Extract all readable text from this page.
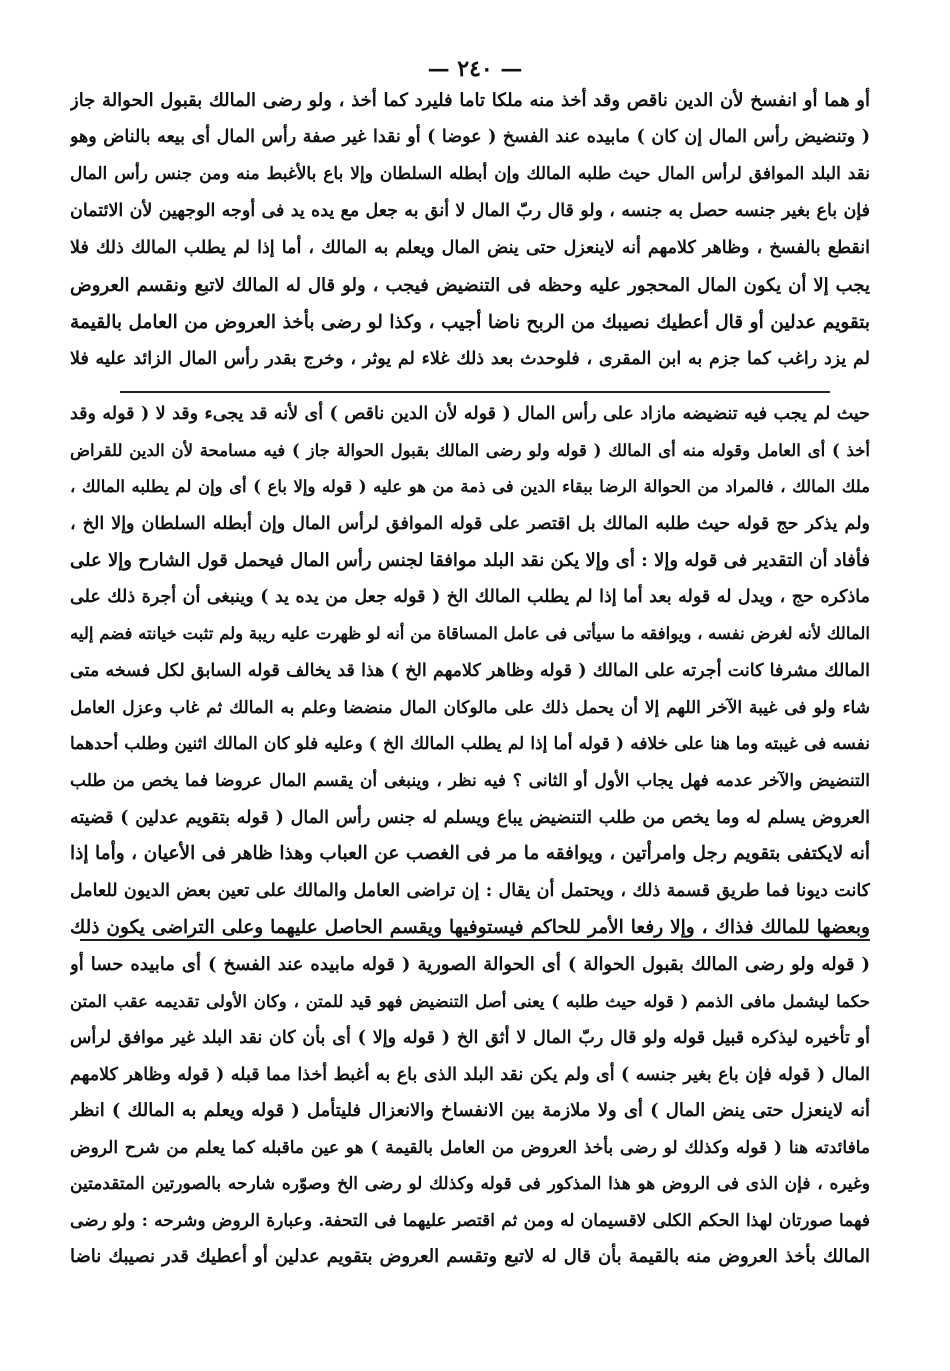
— ٢٤٠ —
أو هما أو انفسخ لأن الدين ناقص وقد أخذ منه ملكا تاما فليرد كما أخذ ، ولو رضى المالك بقبول الحوالة جاز
( وتنضيض رأس المال إن كان ) مابيده عند الفسخ ( عوضا ) أو نقدا غير صفة رأس المال أى بيعه بالناض وهو
نقد البلد الموافق لرأس المال حيث طلبه المالك وإن أبطله السلطان وإلا باع بالأغبط منه ومن جنس رأس المال
فإن باع بغير جنسه حصل به جنسه ، ولو قال ربّ المال لا أنق به جعل مع يده يد فى أوجه الوجهين لأن الائتمان
انقطع بالفسخ ، وظاهر كلامهم أنه لاينعزل حتى ينض المال ويعلم به المالك ، أما إذا لم يطلب المالك ذلك فلا
يجب إلا أن يكون المال المحجور عليه وحظه فى التنضيض فيجب ، ولو قال له المالك لاتبع ونقسم العروض
بتقويم عدلين أو قال أعطيك نصيبك من الربح ناضا أجيب ، وكذا لو رضى بأخذ العروض من العامل بالقيمة
لم يزد راغب كما جزم به ابن المقرى ، فلوحدث بعد ذلك غلاء لم يوثر ، وخرج بقدر رأس المال الزائد عليه فلا
حيث لم يجب فيه تنضيضه مازاد على رأس المال ( قوله لأن الدين ناقص ) أى لأنه قد يجىء وقد لا ( قوله وقد
أخذ ) أى العامل وقوله منه أى المالك ( قوله ولو رضى المالك بقبول الحوالة جاز ) فيه مسامحة لأن الدين للقراض
ملك المالك ، فالمراد من الحوالة الرضا ببقاء الدين فى ذمة من هو عليه ( قوله وإلا باع ) أى وإن لم يطلبه المالك ،
ولم يذكر حج قوله حيث طلبه المالك بل اقتصر على قوله الموافق لرأس المال وإن أبطله السلطان وإلا الخ ،
فأفاد أن التقدير فى قوله وإلا : أى وإلا يكن نقد البلد موافقا لجنس رأس المال فيحمل قول الشارح وإلا على
ماذكره حج ، ويدل له قوله بعد أما إذا لم يطلب المالك الخ ( قوله جعل من يده يد ) وينبغى أن أجرة ذلك على
المالك لأنه لغرض نفسه ، ويوافقه ما سيأتى فى عامل المساقاة من أنه لو ظهرت عليه ريبة ولم تثبت خيانته فضم إليه
المالك مشرفا كانت أجرته على المالك ( قوله وظاهر كلامهم الخ ) هذا قد يخالف قوله السابق لكل فسخه متى
شاء ولو فى غيبة الآخر اللهم إلا أن يحمل ذلك على مالوكان المال منضضا وعلم به المالك ثم غاب وعزل العامل
نفسه فى غيبته وما هنا على خلافه ( قوله أما إذا لم يطلب المالك الخ ) وعليه فلو كان المالك اثنين وطلب أحدهما
التنضيض والآخر عدمه فهل يجاب الأول أو الثانى ؟ فيه نظر ، وينبغى أن يقسم المال عروضا فما يخص من طلب
العروض يسلم له وما يخص من طلب التنضيض يباع ويسلم له جنس رأس المال ( قوله بتقويم عدلين ) قضيته
أنه لايكتفى بتقويم رجل وامرأتين ، ويوافقه ما مر فى الغصب عن العباب وهذا ظاهر فى الأعيان ، وأما إذا
كانت ديونا فما طريق قسمة ذلك ، ويحتمل أن يقال : إن تراضى العامل والمالك على تعين بعض الديون للعامل
وبعضها للمالك فذاك ، وإلا رفعا الأمر للحاكم فيستوفيها ويقسم الحاصل عليهما وعلى التراضى يكون ذلك
( قوله ولو رضى المالك بقبول الحوالة ) أى الحوالة الصورية ( قوله مابيده عند الفسخ ) أى مابيده حسا أو
حكما ليشمل مافى الذمم ( قوله حيث طلبه ) يعنى أصل التنضيض فهو قيد للمتن ، وكان الأولى تقديمه عقب المتن
أو تأخيره ليذكره قبيل قوله ولو قال ربّ المال لا أثق الخ ( قوله وإلا ) أى بأن كان نقد البلد غير موافق لرأس
المال ( قوله فإن باع بغير جنسه ) أى ولم يكن نقد البلد الذى باع به أغبط أخذا مما قبله ( قوله وظاهر كلامهم
أنه لاينعزل حتى ينض المال ) أى ولا ملازمة بين الانفساخ والانعزال فليتأمل ( قوله ويعلم به المالك ) انظر
مافائدته هنا ( قوله وكذلك لو رضى بأخذ العروض من العامل بالقيمة ) هو عين ماقبله كما يعلم من شرح الروض
وغيره ، فإن الذى فى الروض هو هذا المذكور فى قوله وكذلك لو رضى الخ وصوّره شارحه بالصورتين المتقدمتين
فهما صورتان لهذا الحكم الكلى لاقسيمان له ومن ثم اقتصر عليهما فى التحفة. وعبارة الروض وشرحه : ولو رضى
المالك بأخذ العروض منه بالقيمة بأن قال له لاتبع وتقسم العروض بتقويم عدلين أو أعطيك قدر نصيبك ناضا
